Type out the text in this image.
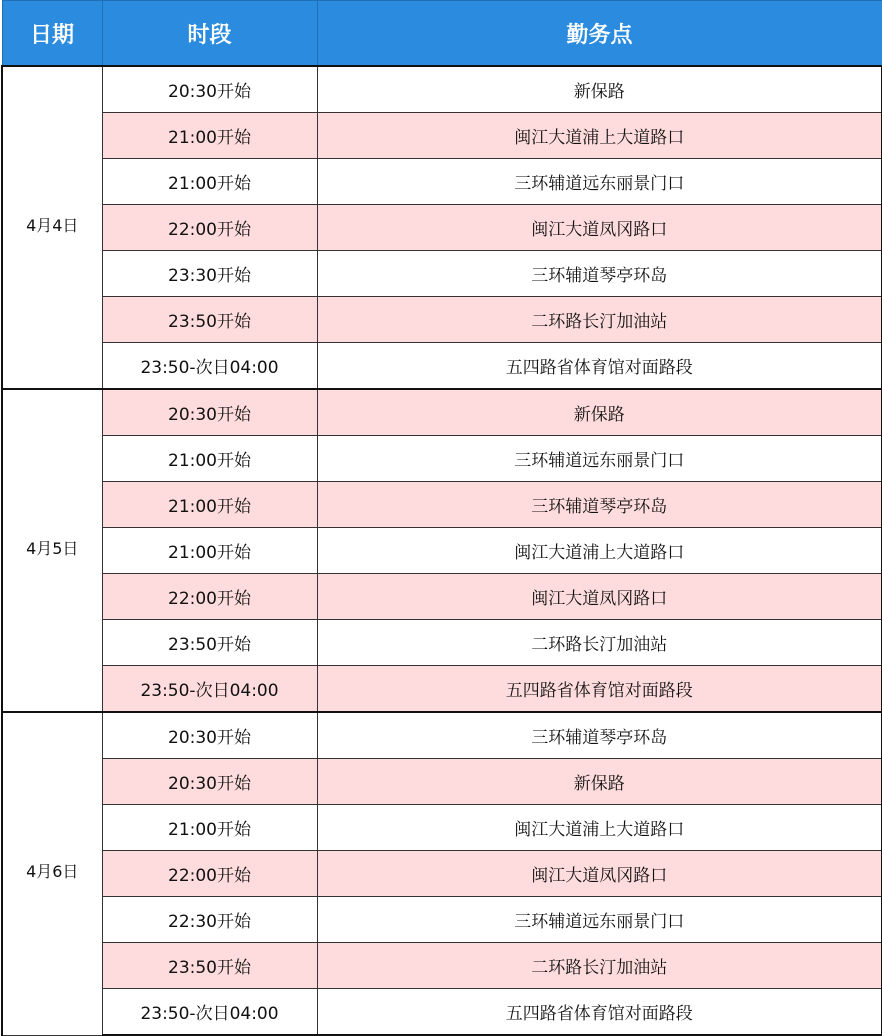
日期	时段	勤务点
4月4日	20:30开始	新保路
	21:00开始	闽江大道浦上大道路口
	21:00开始	三环辅道远东丽景门口
	22:00开始	闽江大道凤冈路口
	23:30开始	三环辅道琴亭环岛
	23:50开始	二环路长汀加油站
	23:50-次日04:00	五四路省体育馆对面路段
4月5日	20:30开始	新保路
	21:00开始	三环辅道远东丽景门口
	21:00开始	三环辅道琴亭环岛
	21:00开始	闽江大道浦上大道路口
	22:00开始	闽江大道凤冈路口
	23:50开始	二环路长汀加油站
	23:50-次日04:00	五四路省体育馆对面路段
4月6日	20:30开始	三环辅道琴亭环岛
	20:30开始	新保路
	21:00开始	闽江大道浦上大道路口
	22:00开始	闽江大道凤冈路口
	22:30开始	三环辅道远东丽景门口
	23:50开始	二环路长汀加油站
	23:50-次日04:00	五四路省体育馆对面路段
